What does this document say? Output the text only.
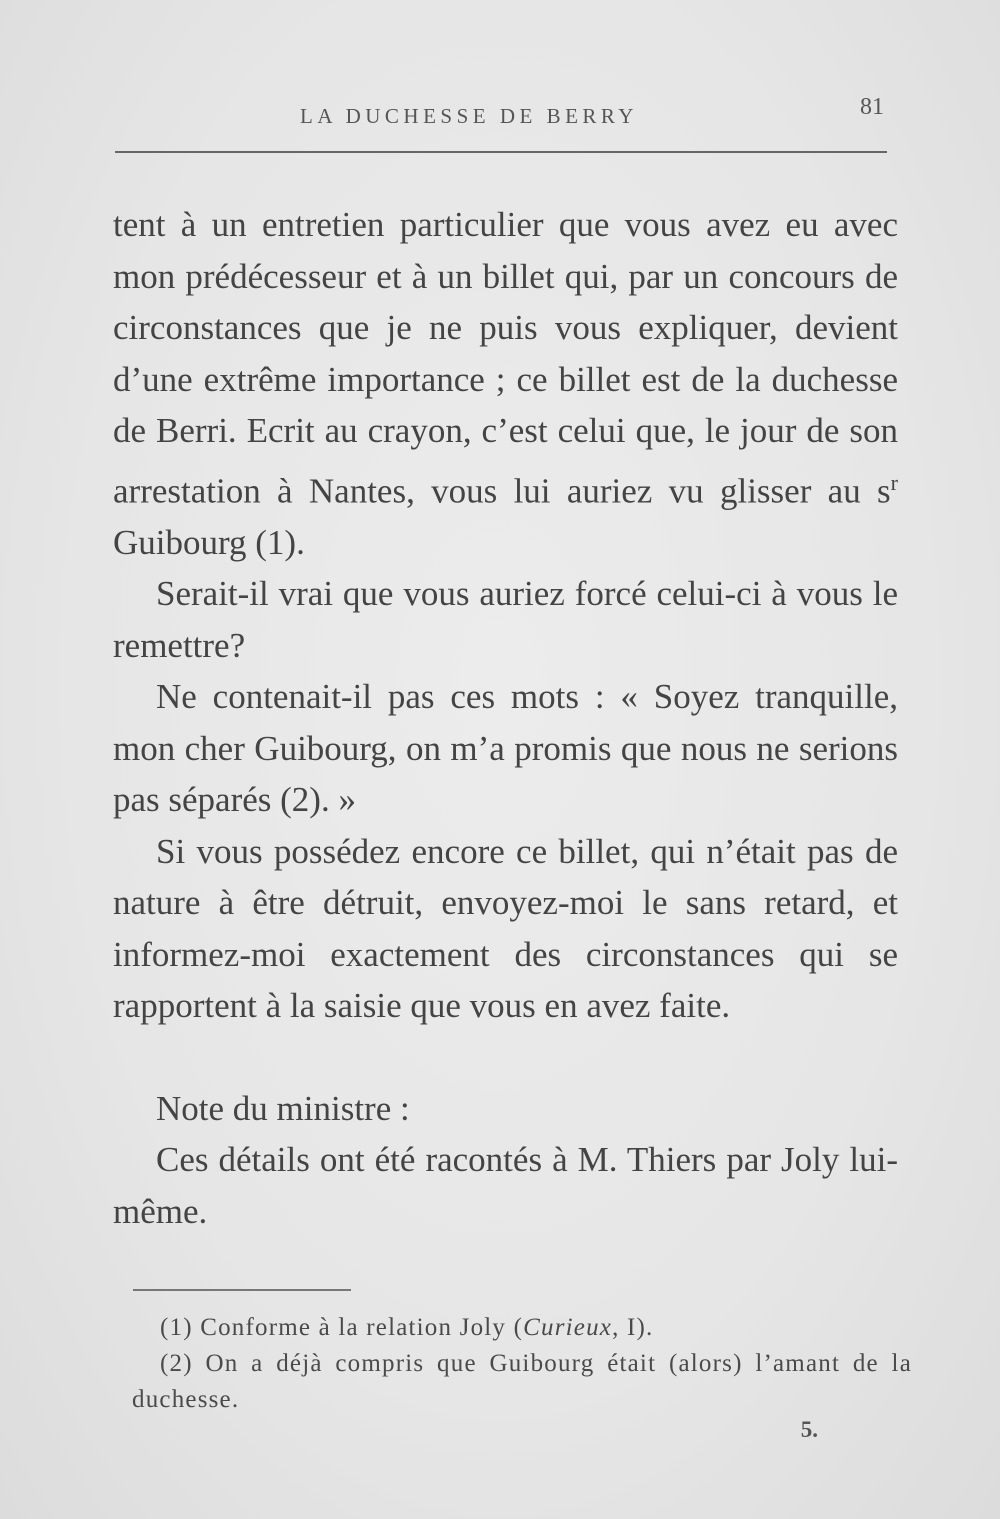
LA DUCHESSE DE BERRY	81

tent à un entretien particulier que vous avez eu avec mon prédécesseur et à un billet qui, par un concours de circonstances que je ne puis vous expliquer, devient d’une extrême importance ; ce billet est de la duchesse de Berri. Ecrit au crayon, c’est celui que, le jour de son arrestation à Nantes, vous lui auriez vu glisser au $s^r$ Guibourg (1).

Serait-il vrai que vous auriez forcé celui-ci à vous le remettre?

Ne contenait-il pas ces mots : « Soyez tranquille, mon cher Guibourg, on m’a promis que nous ne serions pas séparés (2). »

Si vous possédez encore ce billet, qui n’était pas de nature à être détruit, envoyez-moi le sans retard, et informez-moi exactement des circonstances qui se rapportent à la saisie que vous en avez faite.

Note du ministre :

Ces détails ont été racontés à M. Thiers par Joly lui-même.

(1) Conforme à la relation Joly (Curieux, I).

(2) On a déjà compris que Guibourg était (alors) l’amant de la duchesse.

5.
